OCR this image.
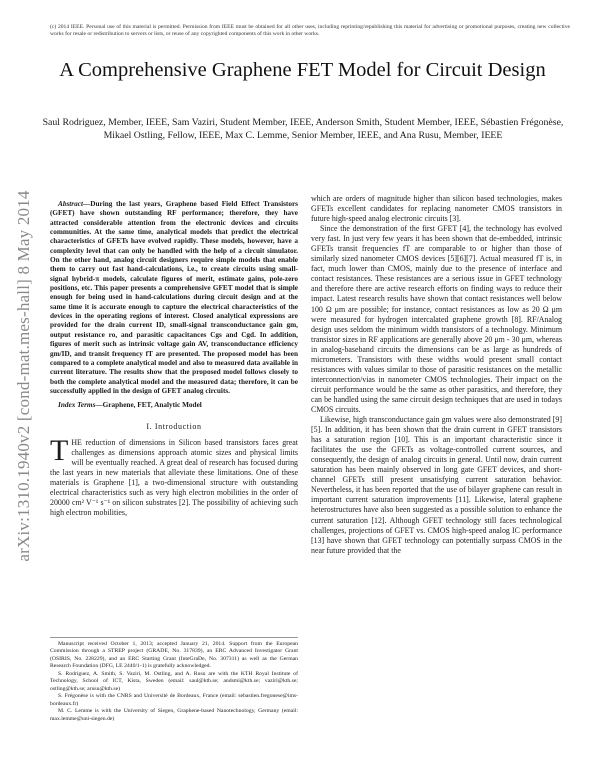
(c) 2014 IEEE. Personal use of this material is permitted. Permission from IEEE must be obtained for all other uses, including reprinting/republishing this material for advertising or promotional purposes, creating new collective works for resale or redistribution to servers or lists, or reuse of any copyrighted components of this work in other works.
A Comprehensive Graphene FET Model for Circuit Design
Saul Rodriguez, Member, IEEE, Sam Vaziri, Student Member, IEEE, Anderson Smith, Student Member, IEEE, Sébastien Frégonèse, Mikael Ostling, Fellow, IEEE, Max C. Lemme, Senior Member, IEEE, and Ana Rusu, Member, IEEE
arXiv:1310.1940v2 [cond-mat.mes-hall] 8 May 2014	Abstract—During the last years, Graphene based Field Effect Transistors (GFET) have shown outstanding RF performance; therefore, they have attracted considerable attention from the electronic devices and circuits communities. At the same time, analytical models that predict the electrical characteristics of GFETs have evolved rapidly. These models, however, have a complexity level that can only be handled with the help of a circuit simulator. On the other hand, analog circuit designers require simple models that enable them to carry out fast hand-calculations, i.e., to create circuits using small-signal hybrid-π models, calculate figures of merit, estimate gains, pole-zero positions, etc. This paper presents a comprehensive GFET model that is simple enough for being used in hand-calculations during circuit design and at the same time it is accurate enough to capture the electrical characteristics of the devices in the operating regions of interest. Closed analytical expressions are provided for the drain current ID, small-signal transconductance gain gm, output resistance ro, and parasitic capacitances Cgs and Cgd. In addition, figures of merit such as intrinsic voltage gain AV, transconductance efficiency gm/ID, and transit frequency fT are presented. The proposed model has been compared to a complete analytical model and also to measured data available in current literature. The results show that the proposed model follows closely to both the complete analytical model and the measured data; therefore, it can be successfully applied in the design of GFET analog circuits.

Index Terms—Graphene, FET, Analytic Model

I. Introduction

THE reduction of dimensions in Silicon based transistors faces great challenges as dimensions approach atomic sizes and physical limits will be eventually reached. A great deal of research has focused during the last years in new materials that alleviate these limitations. One of these materials is Graphene [1], a two-dimensional structure with outstanding electrical characteristics such as very high electron mobilities in the order of 20000 cm² V⁻¹ s⁻¹ on silicon substrates [2]. The possibility of achieving such high electron mobilities,

Manuscript received October 1, 2013; accepted January 21, 2014. Support from the European Commission through a STREP project (GRADE, No. 317839), an ERC Advanced Investigator Grant (OSIRIS, No. 228229), and an ERC Starting Grant (InteGraDe, No. 307311) as well as the German Research Foundation (DFG, LE 2440/1-1) is gratefully acknowledged.

S. Rodriguez, A. Smith, S. Vaziri, M. Ostling, and A. Rusu are with the KTH Royal Institute of Technology, School of ICT, Kista, Sweden (email: saul@kth.se; andsmi@kth.se; vaziri@kth.se; ostling@kth.se; arusu@kth.se)

S. Frégonèse is with the CNRS and Université de Bordeaux, France (email: sebastien.fregonese@ims-bordeaux.fr)

M. C. Lemme is with the University of Siegen, Graphene-based Nanotechnology, Germany (email: max.lemme@uni-siegen.de)

which are orders of magnitude higher than silicon based technologies, makes GFETs excellent candidates for replacing nanometer CMOS transistors in future high-speed analog electronic circuits [3].

Since the demonstration of the first GFET [4], the technology has evolved very fast. In just very few years it has been shown that de-embedded, intrinsic GFETs transit frequencies fT are comparable to or higher than those of similarly sized nanometer CMOS devices [5][6][7]. Actual measured fT is, in fact, much lower than CMOS, mainly due to the presence of interface and contact resistances. These resistances are a serious issue in GFET technology and therefore there are active research efforts on finding ways to reduce their impact. Latest research results have shown that contact resistances well below 100 Ω μm are possible; for instance, contact resistances as low as 20 Ω μm were measured for hydrogen intercalated graphene growth [8]. RF/Analog design uses seldom the minimum width transistors of a technology. Minimum transistor sizes in RF applications are generally above 20 μm - 30 μm, whereas in analog-baseband circuits the dimensions can be as large as hundreds of micrometers. Transistors with these widths would present small contact resistances with values similar to those of parasitic resistances on the metallic interconnection/vias in nanometer CMOS technologies. Their impact on the circuit performance would be the same as other parasitics, and therefore, they can be handled using the same circuit design techniques that are used in todays CMOS circuits.

Likewise, high transconductance gain gm values were also demonstrated [9][5]. In addition, it has been shown that the drain current in GFET transistors has a saturation region [10]. This is an important characteristic since it facilitates the use the GFETs as voltage-controlled current sources, and consequently, the design of analog circuits in general. Until now, drain current saturation has been mainly observed in long gate GFET devices, and short-channel GFETs still present unsatisfying current saturation behavior. Nevertheless, it has been reported that the use of bilayer graphene can result in important current saturation improvements [11]. Likewise, lateral graphene heterostructures have also been suggested as a possible solution to enhance the current saturation [12]. Although GFET technology still faces technological challenges, projections of GFET vs. CMOS high-speed analog IC performance [13] have shown that GFET technology can potentially surpass CMOS in the near future provided that the
